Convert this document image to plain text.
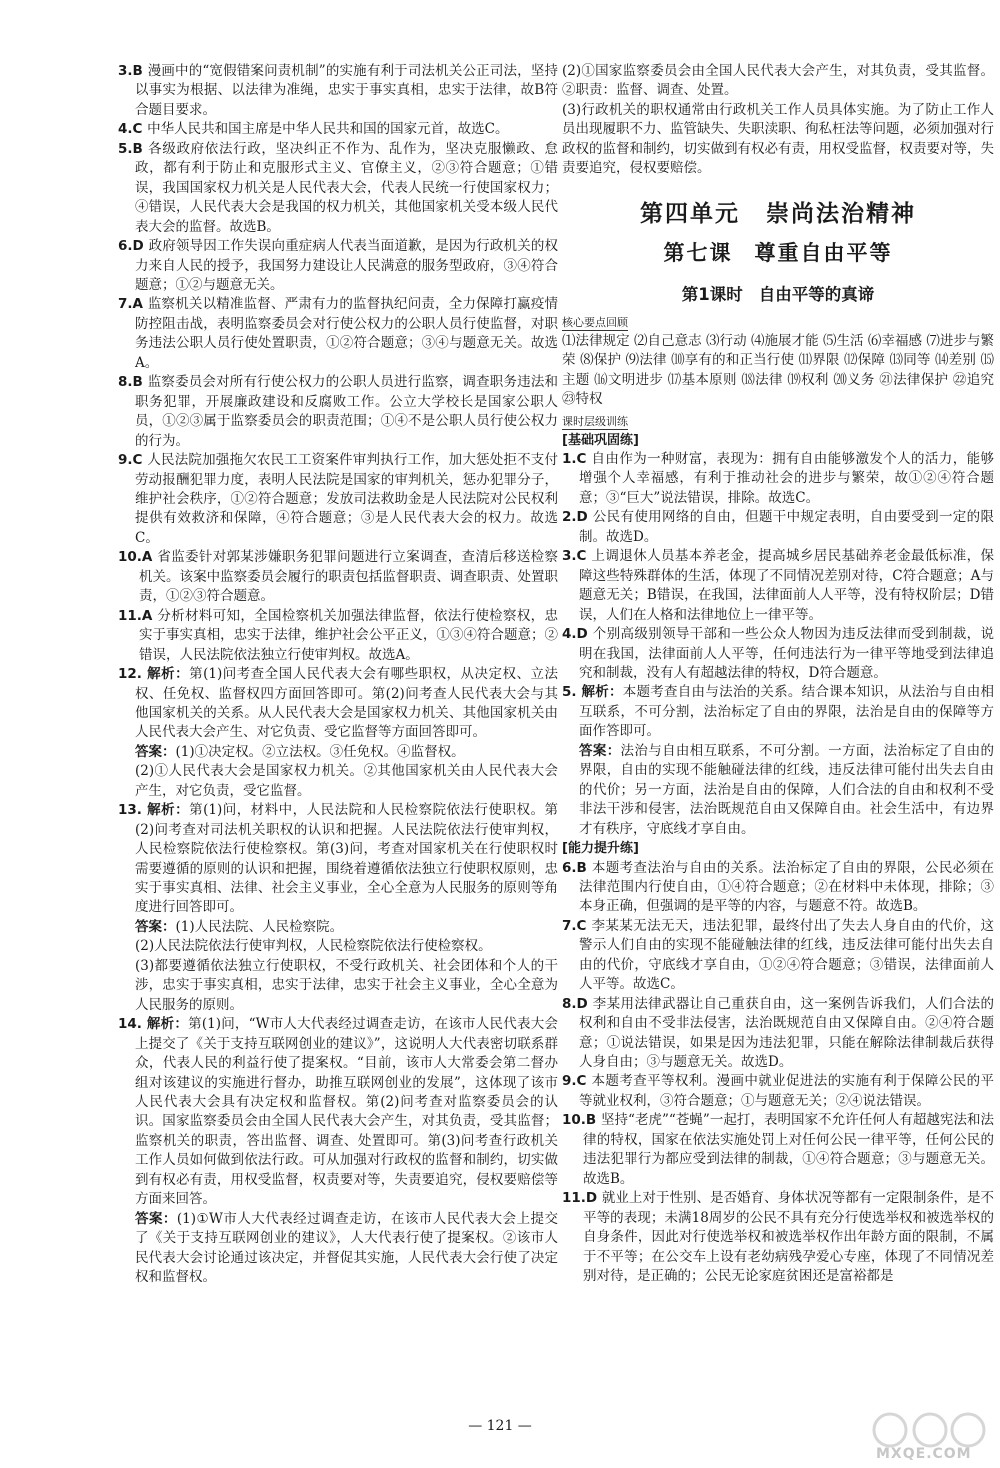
3.B 漫画中的“宽假错案问责机制”的实施有利于司法机关公正司法，坚持以事实为根据、以法律为准绳，忠实于事实真相，忠实于法律，故B符合题目要求。

4.C 中华人民共和国主席是中华人民共和国的国家元首，故选C。

5.B 各级政府依法行政，坚决纠正不作为、乱作为，坚决克服懒政、怠政，都有利于防止和克服形式主义、官僚主义，②③符合题意；①错误，我国国家权力机关是人民代表大会，代表人民统一行使国家权力；④错误，人民代表大会是我国的权力机关，其他国家机关受本级人民代表大会的监督。故选B。

6.D 政府领导因工作失误向重症病人代表当面道歉，是因为行政机关的权力来自人民的授予，我国努力建设让人民满意的服务型政府，③④符合题意；①②与题意无关。

7.A 监察机关以精准监督、严肃有力的监督执纪问责，全力保障打赢疫情防控阻击战，表明监察委员会对行使公权力的公职人员行使监督，对职务违法公职人员行使处置职责，①②符合题意；③④与题意无关。故选A。

8.B 监察委员会对所有行使公权力的公职人员进行监察，调查职务违法和职务犯罪，开展廉政建设和反腐败工作。公立大学校长是国家公职人员，①②③属于监察委员会的职责范围；①④不是公职人员行使公权力的行为。

9.C 人民法院加强拖欠农民工工资案件审判执行工作，加大惩处拒不支付劳动报酬犯罪力度，表明人民法院是国家的审判机关，惩办犯罪分子，维护社会秩序，①②符合题意；发放司法救助金是人民法院对公民权利提供有效救济和保障，④符合题意；③是人民代表大会的权力。故选C。

10.A 省监委针对郭某涉嫌职务犯罪问题进行立案调查，查清后移送检察机关。该案中监察委员会履行的职责包括监督职责、调查职责、处置职责，①②③符合题意。

11.A 分析材料可知，全国检察机关加强法律监督，依法行使检察权，忠实于事实真相，忠实于法律，维护社会公平正义，①③④符合题意；②错误，人民法院依法独立行使审判权。故选A。

12. 解析：第(1)问考查全国人民代表大会有哪些职权，从决定权、立法权、任免权、监督权四方面回答即可。第(2)问考查人民代表大会与其他国家机关的关系。从人民代表大会是国家权力机关、其他国家机关由人民代表大会产生、对它负责、受它监督等方面回答即可。

答案：(1)①决定权。②立法权。③任免权。④监督权。

(2)①人民代表大会是国家权力机关。②其他国家机关由人民代表大会产生，对它负责，受它监督。

13. 解析：第(1)问，材料中，人民法院和人民检察院依法行使职权。第(2)问考查对司法机关职权的认识和把握。人民法院依法行使审判权，人民检察院依法行使检察权。第(3)问，考查对国家机关在行使职权时需要遵循的原则的认识和把握，围绕着遵循依法独立行使职权原则，忠实于事实真相、法律、社会主义事业，全心全意为人民服务的原则等角度进行回答即可。

答案：(1)人民法院、人民检察院。

(2)人民法院依法行使审判权，人民检察院依法行使检察权。

(3)都要遵循依法独立行使职权，不受行政机关、社会团体和个人的干涉，忠实于事实真相，忠实于法律，忠实于社会主义事业，全心全意为人民服务的原则。

14. 解析：第(1)问，“W市人大代表经过调查走访，在该市人民代表大会上提交了《关于支持互联网创业的建议》”，这说明人大代表密切联系群众，代表人民的利益行使了提案权。“目前，该市人大常委会第二督办组对该建议的实施进行督办，助推互联网创业的发展”，这体现了该市人民代表大会具有决定权和监督权。第(2)问考查对监察委员会的认识。国家监察委员会由全国人民代表大会产生，对其负责，受其监督；监察机关的职责，答出监督、调查、处置即可。第(3)问考查行政机关工作人员如何做到依法行政。可从加强对行政权的监督和制约，切实做到有权必有责，用权受监督，权责要对等，失责要追究，侵权要赔偿等方面来回答。

答案：(1)①W市人大代表经过调查走访，在该市人民代表大会上提交了《关于支持互联网创业的建议》，人大代表行使了提案权。②该市人民代表大会讨论通过该决定，并督促其实施，人民代表大会行使了决定权和监督权。

(2)①国家监察委员会由全国人民代表大会产生，对其负责，受其监督。②职责：监督、调查、处置。

(3)行政机关的职权通常由行政机关工作人员具体实施。为了防止工作人员出现履职不力、监管缺失、失职渎职、徇私枉法等问题，必须加强对行政权的监督和制约，切实做到有权必有责，用权受监督，权责要对等，失责要追究，侵权要赔偿。

第四单元 崇尚法治精神
第七课 尊重自由平等
第1课时 自由平等的真谛
核心要点回顾

⑴法律规定 ⑵自己意志 ⑶行动 ⑷施展才能 ⑸生活 ⑹幸福感 ⑺进步与繁荣 ⑻保护 ⑼法律 ⑽享有的和正当行使 ⑾界限 ⑿保障 ⒀同等 ⒁差别 ⒂主题 ⒃文明进步 ⒄基本原则 ⒅法律 ⒆权利 ⒇义务 ㉑法律保护 ㉒追究 ㉓特权

课时层级训练

[基础巩固练]

1.C 自由作为一种财富，表现为：拥有自由能够激发个人的活力，能够增强个人幸福感，有利于推动社会的进步与繁荣，故①②④符合题意；③“巨大”说法错误，排除。故选C。

2.D 公民有使用网络的自由，但题干中规定表明，自由要受到一定的限制。故选D。

3.C 上调退休人员基本养老金，提高城乡居民基础养老金最低标准，保障这些特殊群体的生活，体现了不同情况差别对待，C符合题意；A与题意无关；B错误，在我国，法律面前人人平等，没有特权阶层；D错误，人们在人格和法律地位上一律平等。

4.D 个别高级别领导干部和一些公众人物因为违反法律而受到制裁，说明在我国，法律面前人人平等，任何违法行为一律平等地受到法律追究和制裁，没有人有超越法律的特权，D符合题意。

5. 解析：本题考查自由与法治的关系。结合课本知识，从法治与自由相互联系，不可分割，法治标定了自由的界限，法治是自由的保障等方面作答即可。

答案：法治与自由相互联系，不可分割。一方面，法治标定了自由的界限，自由的实现不能触碰法律的红线，违反法律可能付出失去自由的代价；另一方面，法治是自由的保障，人们合法的自由和权利不受非法干涉和侵害，法治既规范自由又保障自由。社会生活中，有边界才有秩序，守底线才享自由。

[能力提升练]

6.B 本题考查法治与自由的关系。法治标定了自由的界限，公民必须在法律范围内行使自由，①④符合题意；②在材料中未体现，排除；③本身正确，但强调的是平等的内容，与题意不符。故选B。

7.C 李某某无法无天，违法犯罪，最终付出了失去人身自由的代价，这警示人们自由的实现不能碰触法律的红线，违反法律可能付出失去自由的代价，守底线才享自由，①②④符合题意；③错误，法律面前人人平等。故选C。

8.D 李某用法律武器让自己重获自由，这一案例告诉我们，人们合法的权利和自由不受非法侵害，法治既规范自由又保障自由。②④符合题意；①说法错误，如果是因为违法犯罪，只能在解除法律制裁后获得人身自由；③与题意无关。故选D。

9.C 本题考查平等权利。漫画中就业促进法的实施有利于保障公民的平等就业权利，③符合题意；①与题意无关；②④说法错误。

10.B 坚持“老虎”“苍蝇”一起打，表明国家不允许任何人有超越宪法和法律的特权，国家在依法实施处罚上对任何公民一律平等，任何公民的违法犯罪行为都应受到法律的制裁，①④符合题意；③与题意无关。故选B。

11.D 就业上对于性别、是否婚育、身体状况等都有一定限制条件，是不平等的表现；未满18周岁的公民不具有充分行使选举权和被选举权的自身条件，因此对行使选举权和被选举权作出年龄方面的限制，不属于不平等；在公交车上设有老幼病残孕爱心专座，体现了不同情况差别对待，是正确的；公民无论家庭贫困还是富裕都是

— 121 —
MXQE.COM
